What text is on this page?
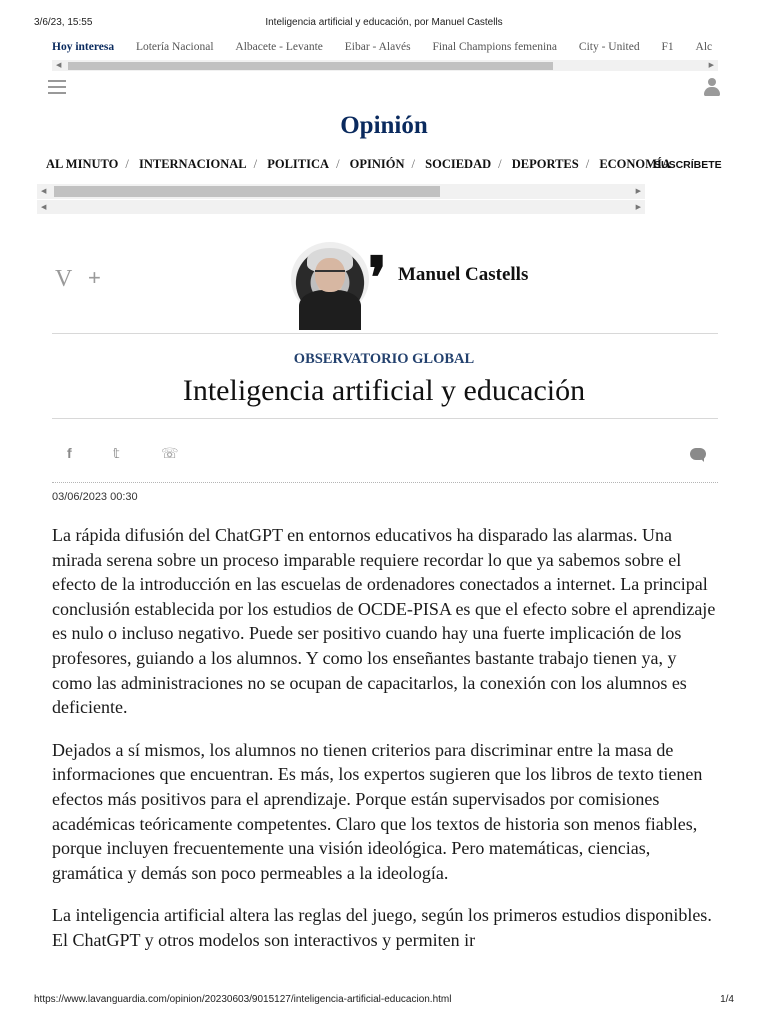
3/6/23, 15:55	Inteligencia artificial y educación, por Manuel Castells
Hoy interesa Lotería Nacional Albacete - Levante Eibar - Alavés Final Champions femenina City - United F1 Alc
◀	▶
Opinión
AL MINUTO / INTERNACIONAL / POLITICA / OPINIÓN / SOCIEDAD / DEPORTES / ECONOMÍA
SUSCRÍBETE
◀	▶
◀	▶
V +	❜ Manuel Castells
OBSERVATORIO GLOBAL
Inteligencia artificial y educación
f	𝕥	☏
03/06/2023 00:30

La rápida difusión del ChatGPT en entornos educativos ha disparado las alarmas. Una mirada serena sobre un proceso imparable requiere recordar lo que ya sabemos sobre el efecto de la introducción en las escuelas de ordenadores conectados a internet. La principal conclusión establecida por los estudios de OCDE-PISA es que el efecto sobre el aprendizaje es nulo o incluso negativo. Puede ser positivo cuando hay una fuerte implicación de los profesores, guiando a los alumnos. Y como los enseñantes bastante trabajo tienen ya, y como las administraciones no se ocupan de capacitarlos, la conexión con los alumnos es deficiente.

Dejados a sí mismos, los alumnos no tienen criterios para discriminar entre la masa de informaciones que encuentran. Es más, los expertos sugieren que los libros de texto tienen efectos más positivos para el aprendizaje. Porque están supervisados por comisiones académicas teóricamente competentes. Claro que los textos de historia son menos fiables, porque incluyen frecuentemente una visión ideológica. Pero matemáticas, ciencias, gramática y demás son poco permeables a la ideología.

La inteligencia artificial altera las reglas del juego, según los primeros estudios disponibles. El ChatGPT y otros modelos son interactivos y permiten ir

https://www.lavanguardia.com/opinion/20230603/9015127/inteligencia-artificial-educacion.html	1/4
